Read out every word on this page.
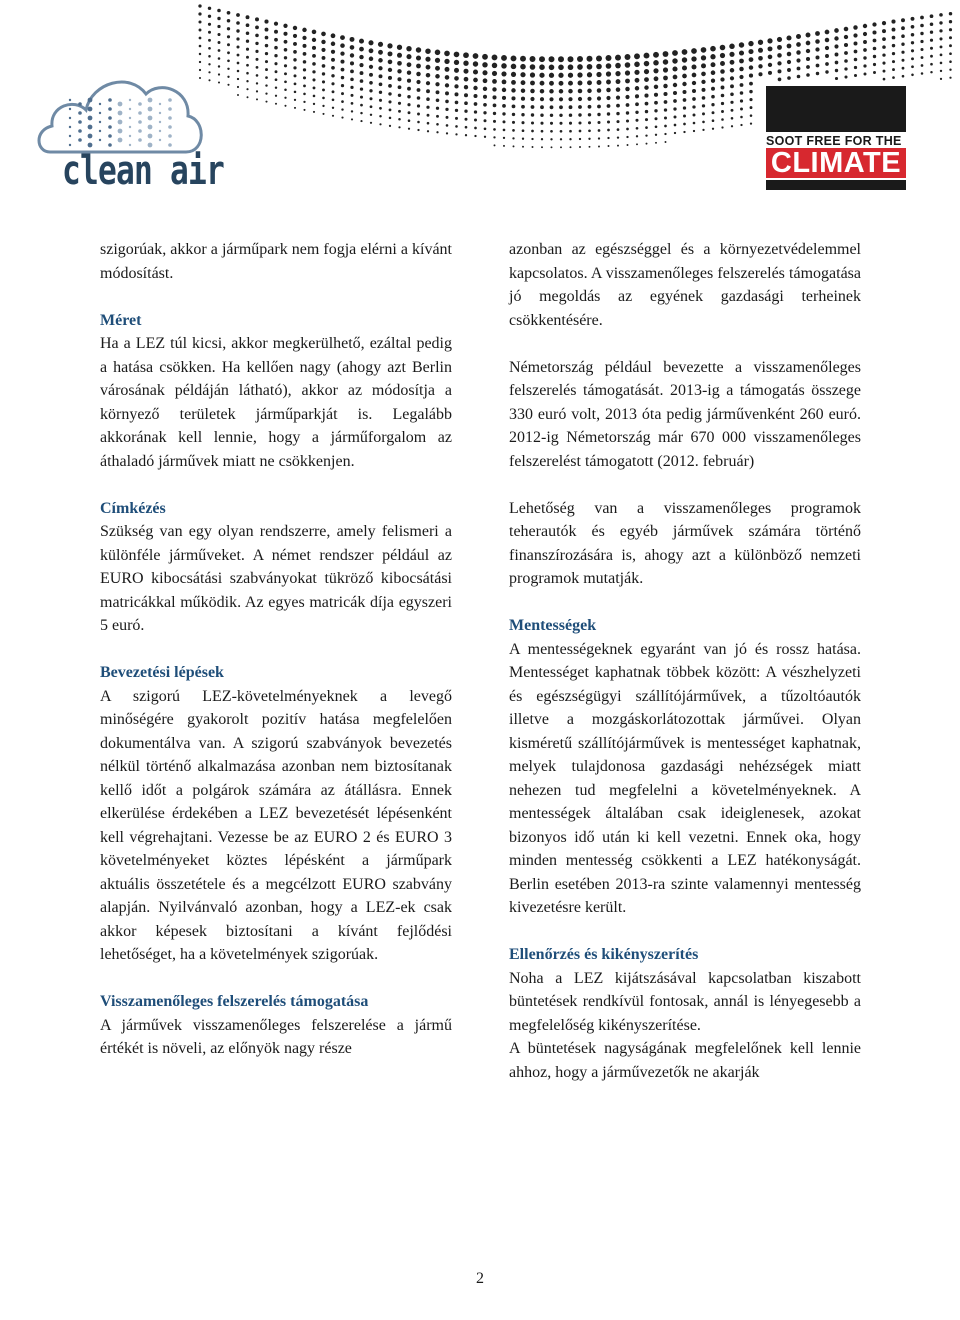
clean air
SOOT FREE FOR THE
CLIMATE

szigorúak, akkor a járműpark nem fogja elérni a kívánt módosítást.

Méret

Ha a LEZ túl kicsi, akkor megkerülhető, ezáltal pedig a hatása csökken. Ha kellően nagy (ahogy azt Berlin városának példáján látható), akkor az módosítja a környező területek járműparkját is. Legalább akkorának kell lennie, hogy a járműforgalom az áthaladó járművek miatt ne csökkenjen.

Címkézés

Szükség van egy olyan rendszerre, amely felismeri a különféle járműveket. A német rendszer például az EURO kibocsátási szabványokat tükröző kibocsátási matricákkal működik. Az egyes matricák díja egyszeri 5 euró.

Bevezetési lépések

A szigorú LEZ-követelményeknek a levegő minőségére gyakorolt pozitív hatása megfelelően dokumentálva van. A szigorú szabványok bevezetés nélkül történő alkalmazása azonban nem biztosítanak kellő időt a polgárok számára az átállásra. Ennek elkerülése érdekében a LEZ bevezetését lépésenként kell végrehajtani. Vezesse be az EURO 2 és EURO 3 követelményeket köztes lépésként a járműpark aktuális összetétele és a megcélzott EURO szabvány alapján. Nyilvánvaló azonban, hogy a LEZ-ek csak akkor képesek biztosítani a kívánt fejlődési lehetőséget, ha a követelmények szigorúak.

Visszamenőleges felszerelés támogatása

A járművek visszamenőleges felszerelése a jármű értékét is növeli, az előnyök nagy része

azonban az egészséggel és a környezetvédelemmel kapcsolatos. A visszamenőleges felszerelés támogatása jó megoldás az egyének gazdasági terheinek csökkentésére.

Németország például bevezette a visszamenőleges felszerelés támogatását. 2013-ig a támogatás összege 330 euró volt, 2013 óta pedig járművenként 260 euró. 2012-ig Németország már 670 000 visszamenőleges felszerelést támogatott (2012. február)

Lehetőség van a visszamenőleges programok teherautók és egyéb járművek számára történő finanszírozására is, ahogy azt a különböző nemzeti programok mutatják.

Mentességek

A mentességeknek egyaránt van jó és rossz hatása. Mentességet kaphatnak többek között: A vészhelyzeti és egészségügyi szállítójárművek, a tűzoltóautók illetve a mozgáskorlátozottak járművei. Olyan kisméretű szállítójárművek is mentességet kaphatnak, melyek tulajdonosa gazdasági nehézségek miatt nehezen tud megfelelni a követelményeknek. A mentességek általában csak ideiglenesek, azokat bizonyos idő után ki kell vezetni. Ennek oka, hogy minden mentesség csökkenti a LEZ hatékonyságát. Berlin esetében 2013-ra szinte valamennyi mentesség kivezetésre került.

Ellenőrzés és kikényszerítés

Noha a LEZ kijátszásával kapcsolatban kiszabott büntetések rendkívül fontosak, annál is lényegesebb a megfelelőség kikényszerítése.

A büntetések nagyságának megfelelőnek kell lennie ahhoz, hogy a járművezetők ne akarják

2
